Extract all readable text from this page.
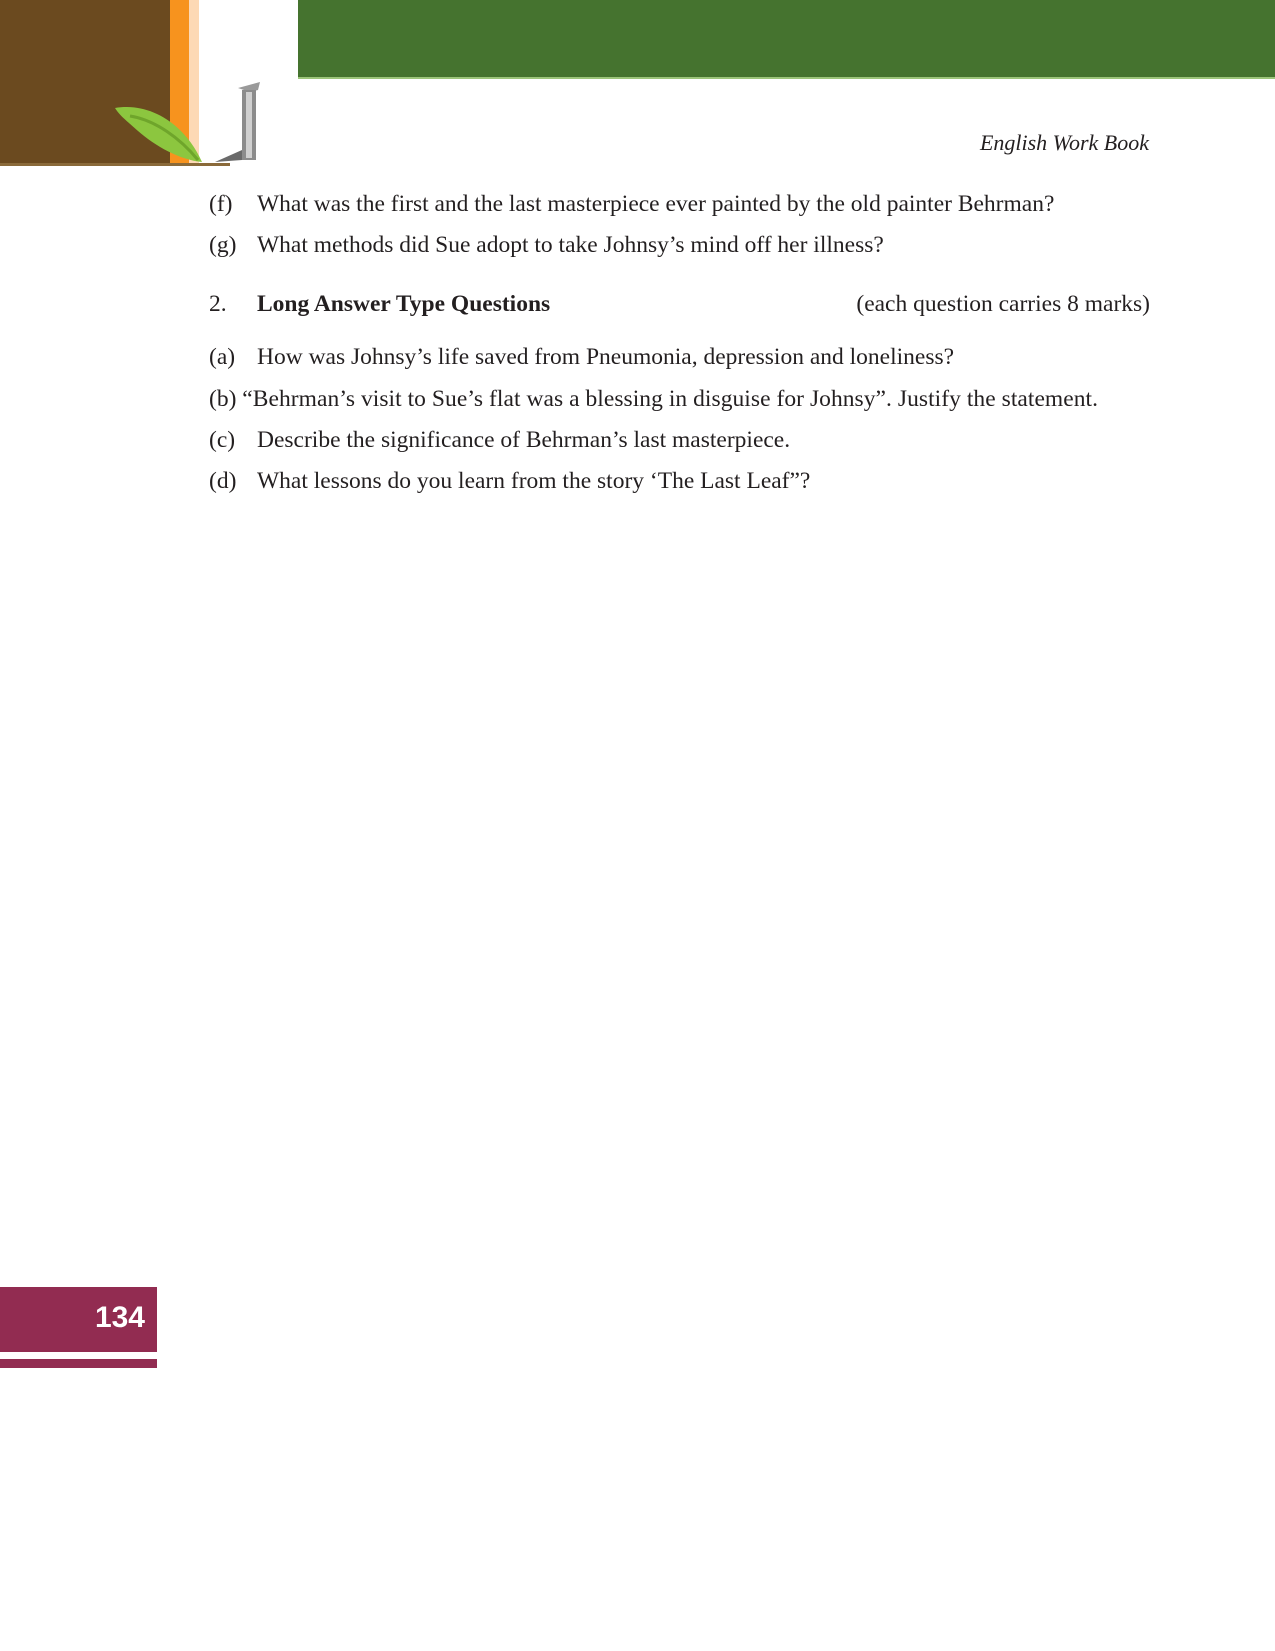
English Work Book
(f) What was the first and the last masterpiece ever painted by the old painter Behrman?
(g) What methods did Sue adopt to take Johnsy’s mind off her illness?
2. Long Answer Type Questions	(each question carries 8 marks)
(a) How was Johnsy’s life saved from Pneumonia, depression and loneliness?
(b) “Behrman’s visit to Sue’s flat was a blessing in disguise for Johnsy”. Justify the statement.
(c) Describe the significance of Behrman’s last masterpiece.
(d) What lessons do you learn from the story ‘The Last Leaf”?
134
